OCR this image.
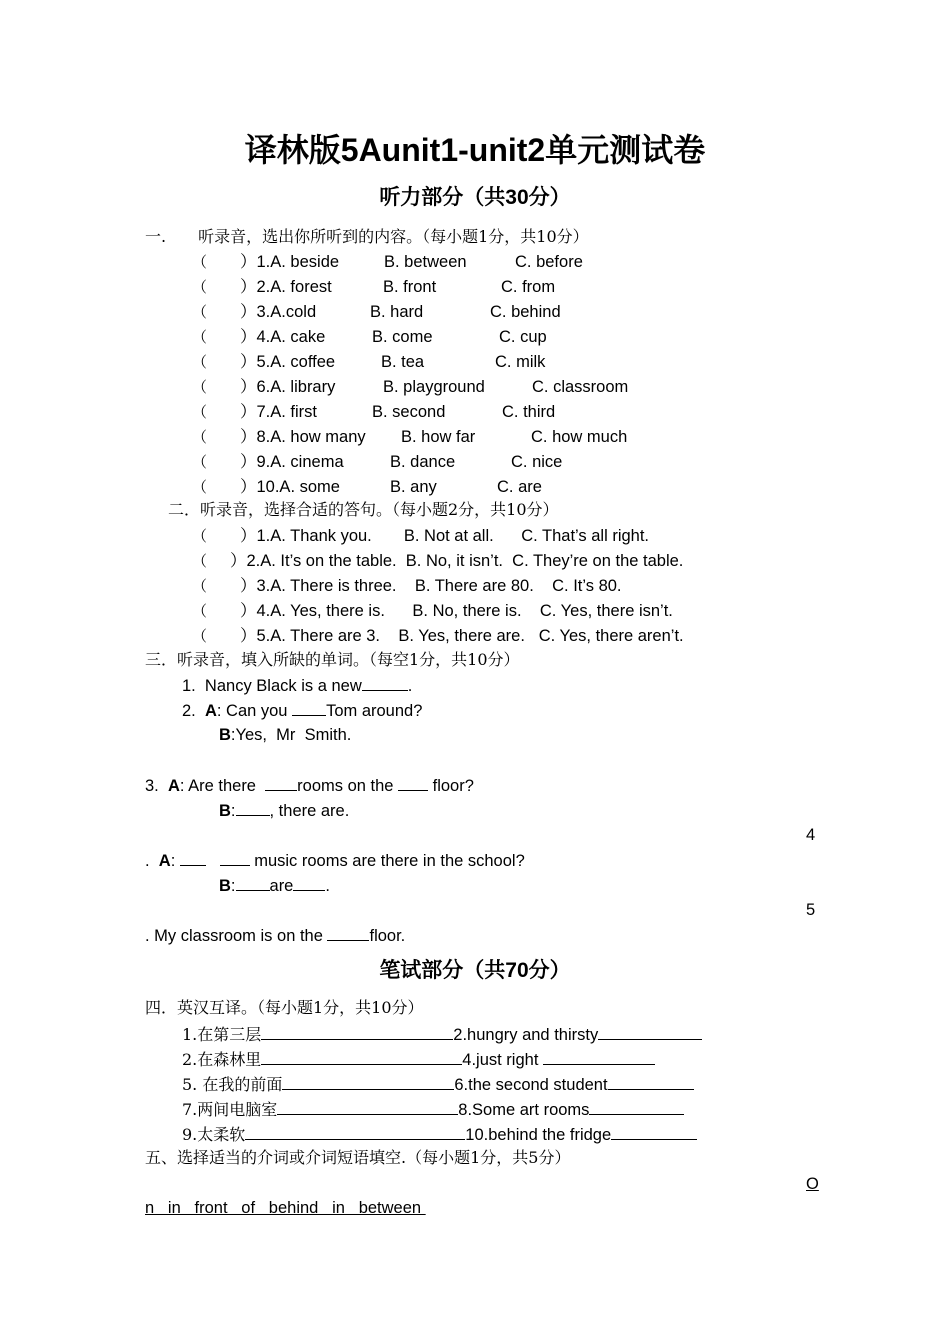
译林版5Aunit1-unit2单元测试卷
听力部分（共30分）
一.　　听录音，选出你所听到的内容。（每小题1分，共10分）
（ ）1.A. beside	B. between	C. before
（ ）2.A. forest	B. front	C. from
（ ）3.A.cold	B. hard	C. behind
（ ）4.A. cake	B. come	C. cup
（ ）5.A. coffee	B. tea	C. milk
（ ）6.A. library	B. playground	C. classroom
（ ）7.A. first	B. second	C. third
（ ）8.A. how many B. how far	C. how much
（ ）9.A. cinema	B. dance	C. nice
（ ）10.A. some	B. any	C. are
二．听录音，选择合适的答句。（每小题2分，共10分）
（ ）1.A. Thank you.       B. Not at all.      C. That’s all right.
（ ）2.A. It’s on the table.  B. No, it isn’t.  C. They’re on the table.
（ ）3.A. There is three.    B. There are 80.    C. It’s 80.
（ ）4.A. Yes, there is.      B. No, there is.    C. Yes, there isn’t.
（ ）5.A. There are 3.    B. Yes, there are.   C. Yes, there aren’t.
三．听录音，填入所缺的单词。（每空1分，共10分）
1.  Nancy Black is a new	.
2.  A: Can you Tom around?
B:Yes,  Mr  Smith.
3.  A: Are there  rooms on the  floor?
B: , there are.
4
.  A:	music rooms are there in the school?
B: are .
5
. My classroom is on the	floor.
笔试部分（共70分）
四．英汉互译。（每小题1分，共10分）
1.在第三层	2.hungry and thirsty
2.在森林里	4.just right
5. 在我的前面	6.the second student
7.两间电脑室	8.Some art rooms
9.太柔软	10.behind the fridge
五、选择适当的介词或介词短语填空.（每小题1分，共5分）
O
n   in   front   of   behind   in   between
